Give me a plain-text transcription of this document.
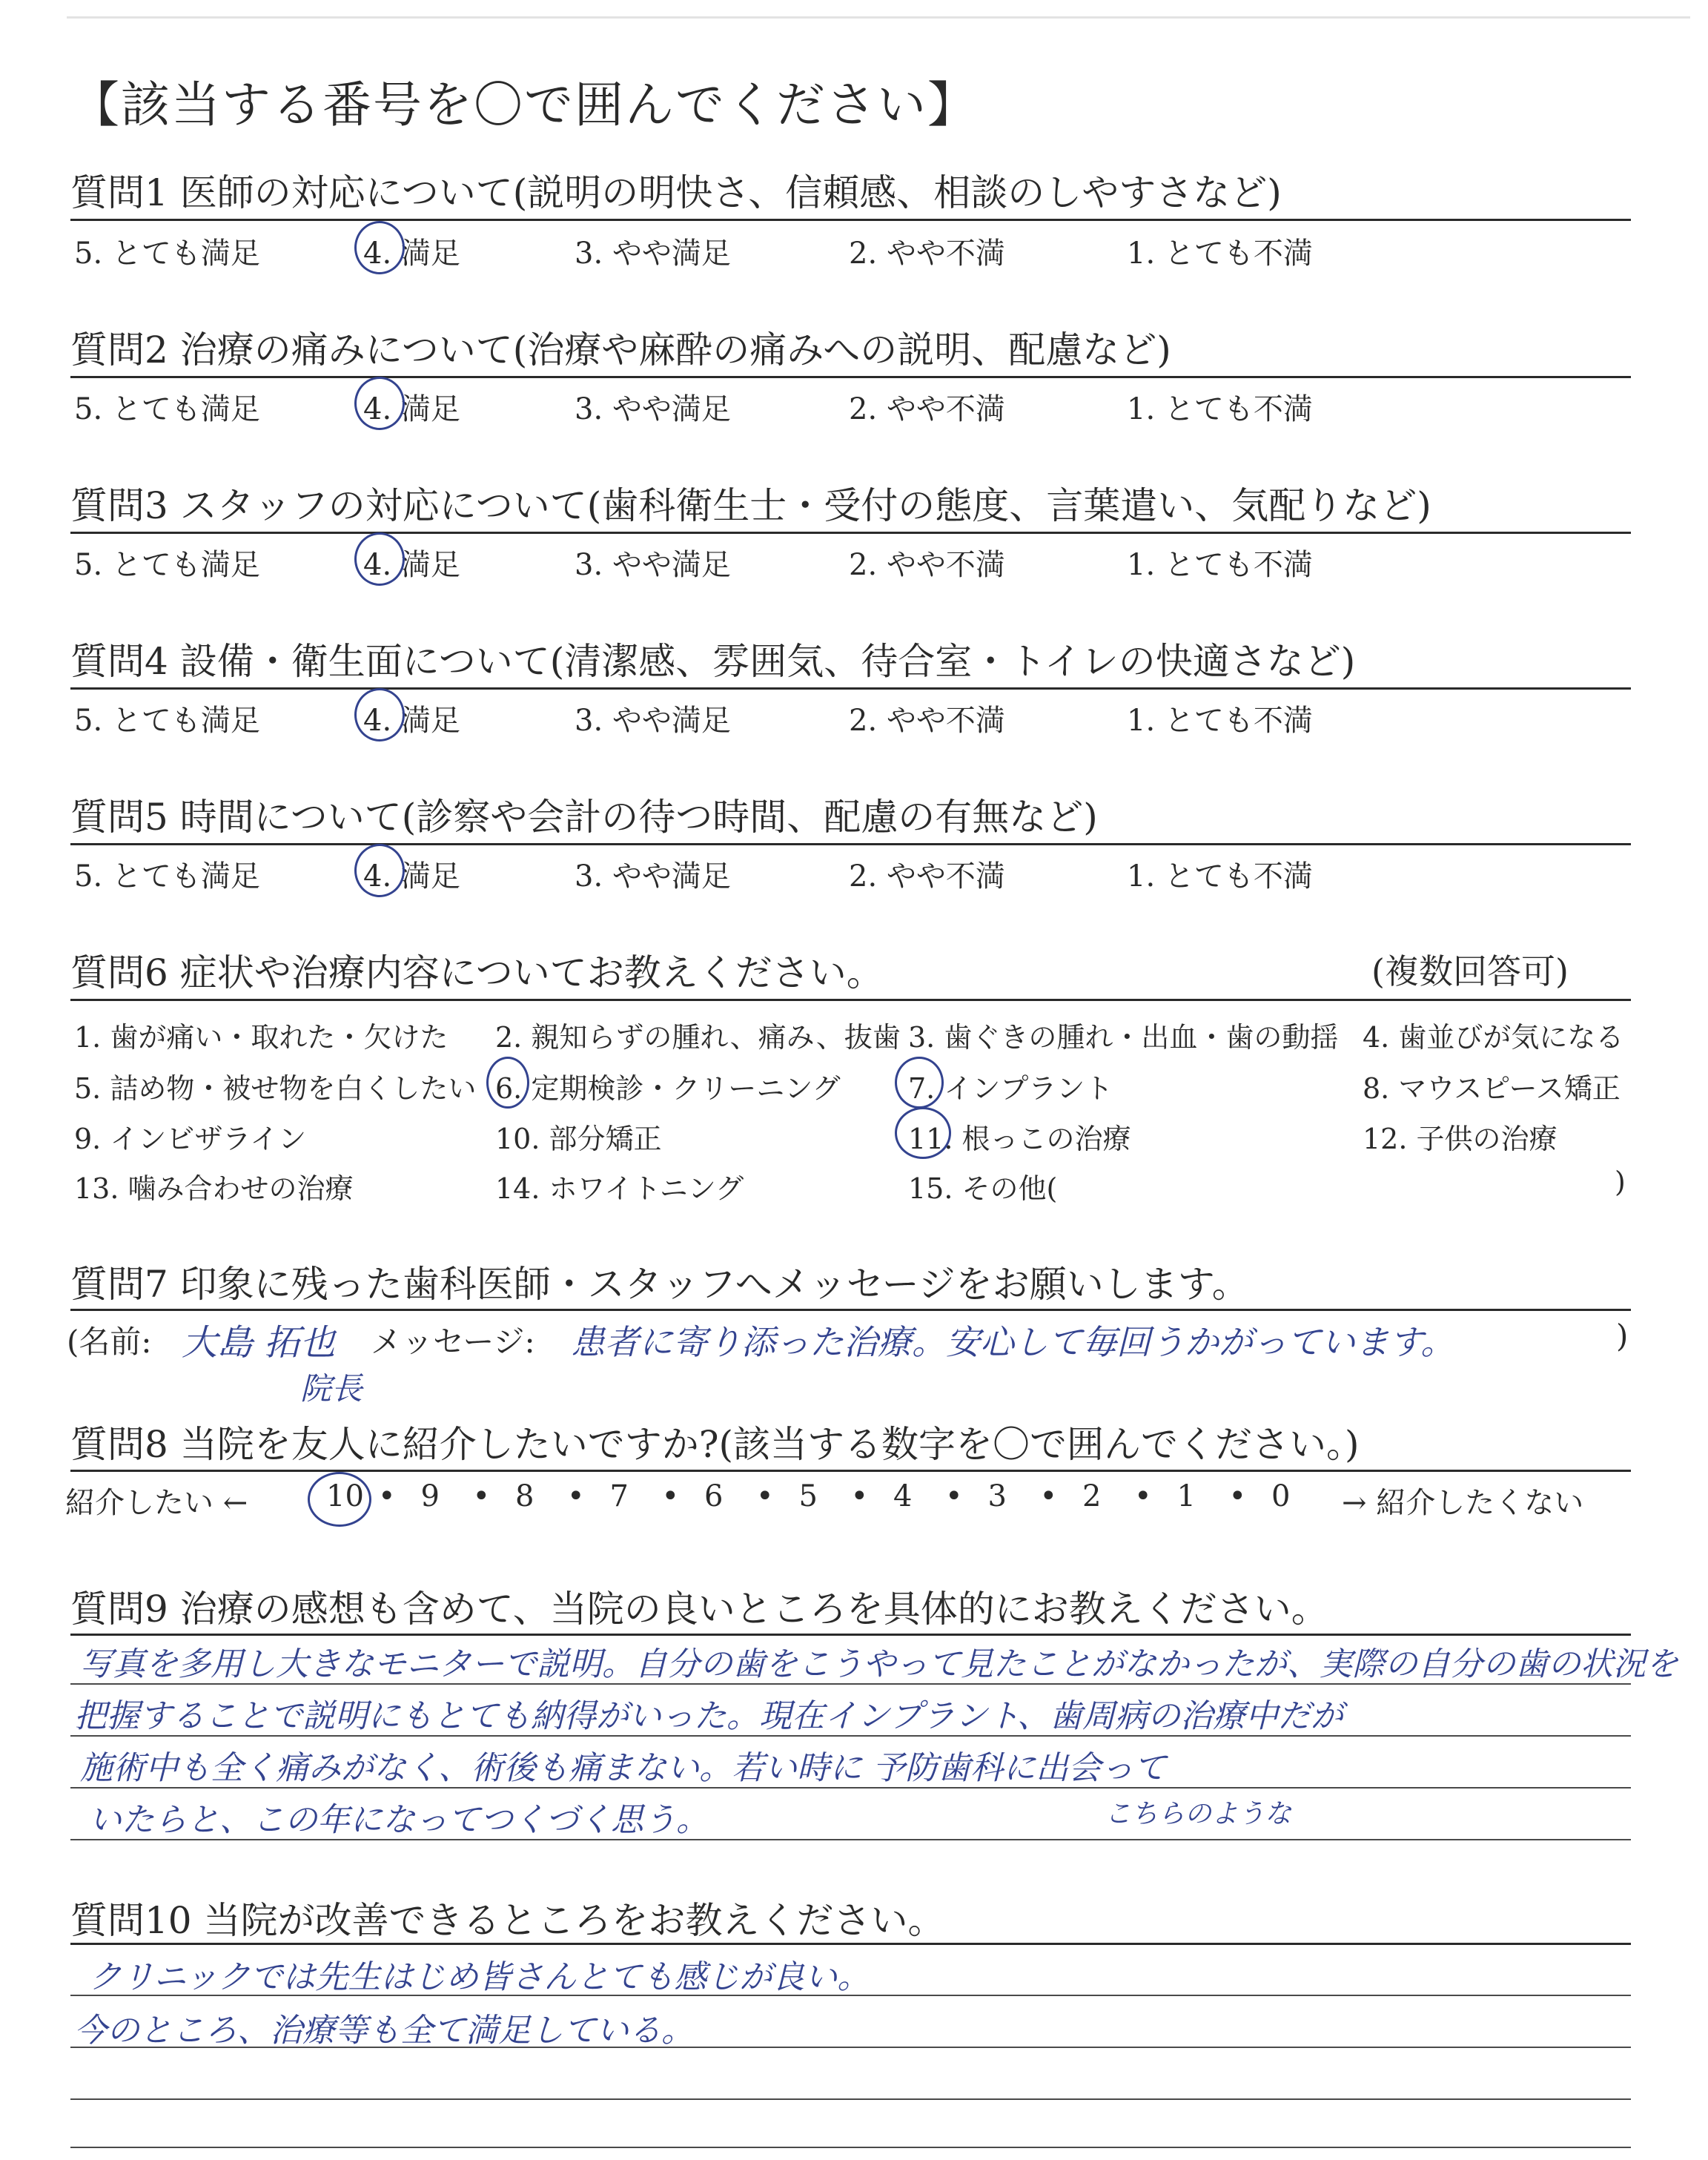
【該当する番号を〇で囲んでください】
質問1 医師の対応について(説明の明快さ、信頼感、相談のしやすさなど)
5. とても満足	4. 満足	3. やや満足	2. やや不満	1. とても不満
質問2 治療の痛みについて(治療や麻酔の痛みへの説明、配慮など)
5. とても満足	4. 満足	3. やや満足	2. やや不満	1. とても不満
質問3 スタッフの対応について(歯科衛生士・受付の態度、言葉遣い、気配りなど)
5. とても満足	4. 満足	3. やや満足	2. やや不満	1. とても不満
質問4 設備・衛生面について(清潔感、雰囲気、待合室・トイレの快適さなど)
5. とても満足	4. 満足	3. やや満足	2. やや不満	1. とても不満
質問5 時間について(診察や会計の待つ時間、配慮の有無など)
5. とても満足	4. 満足	3. やや満足	2. やや不満	1. とても不満
質問6 症状や治療内容についてお教えください。	(複数回答可)
1. 歯が痛い・取れた・欠けた 2. 親知らずの腫れ、痛み、抜歯 3. 歯ぐきの腫れ・出血・歯の動揺 4. 歯並びが気になる
5. 詰め物・被せ物を白くしたい 6. 定期検診・クリーニング 7. インプラント	8. マウスピース矯正
9. インビザライン	10. 部分矯正	11. 根っこの治療	12. 子供の治療
13. 噛み合わせの治療	14. ホワイトニング	15. その他(	)
質問7 印象に残った歯科医師・スタッフへメッセージをお願いします。
(名前: 大島 拓也
院長
メッセージ: 患者に寄り添った治療。安心して毎回うかがっています。	)
質問8 当院を友人に紹介したいですか?(該当する数字を〇で囲んでください。)
紹介したい ←	10 • 9 • 8 • 7 • 6 • 5 • 4 • 3 • 2 • 1 • 0 → 紹介したくない
質問9 治療の感想も含めて、当院の良いところを具体的にお教えください。
写真を多用し大きなモニターで説明。自分の歯をこうやって見たことがなかったが、実際の自分の歯の状況を
把握することで説明にもとても納得がいった。現在インプラント、歯周病の治療中だが
施術中も全く痛みがなく、術後も痛まない。若い時に 予防歯科に出会って
いたらと、この年になってつくづく思う。	こちらのような
質問10 当院が改善できるところをお教えください。
クリニックでは先生はじめ皆さんとても感じが良い。
今のところ、治療等も全て満足している。
